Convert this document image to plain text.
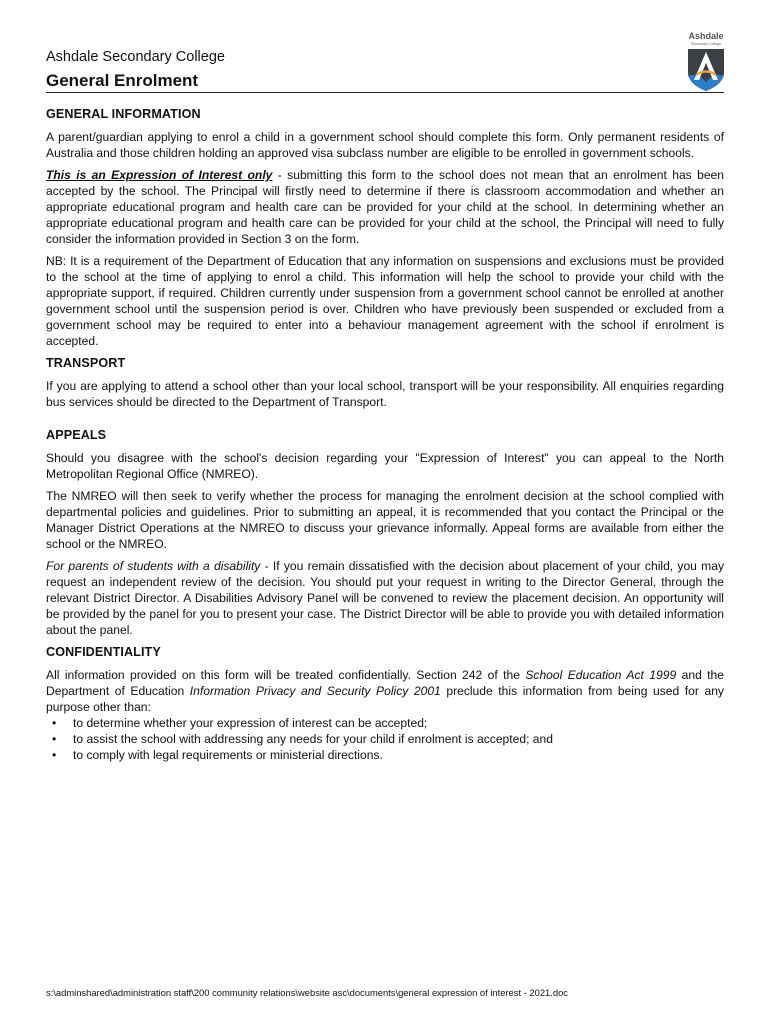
Ashdale Secondary College
General Enrolment
Ashdale
Secondary College
GENERAL INFORMATION

A parent/guardian applying to enrol a child in a government school should complete this form. Only permanent residents of Australia and those children holding an approved visa subclass number are eligible to be enrolled in government schools.

This is an Expression of Interest only - submitting this form to the school does not mean that an enrolment has been accepted by the school. The Principal will firstly need to determine if there is classroom accommodation and whether an appropriate educational program and health care can be provided for your child at the school. In determining whether an appropriate educational program and health care can be provided for your child at the school, the Principal will need to fully consider the information provided in Section 3 on the form.

NB: It is a requirement of the Department of Education that any information on suspensions and exclusions must be provided to the school at the time of applying to enrol a child. This information will help the school to provide your child with the appropriate support, if required. Children currently under suspension from a government school cannot be enrolled at another government school until the suspension period is over. Children who have previously been suspended or excluded from a government school may be required to enter into a behaviour management agreement with the school if enrolment is accepted.

TRANSPORT

If you are applying to attend a school other than your local school, transport will be your responsibility. All enquiries regarding bus services should be directed to the Department of Transport.

APPEALS

Should you disagree with the school's decision regarding your "Expression of Interest" you can appeal to the North Metropolitan Regional Office (NMREO).

The NMREO will then seek to verify whether the process for managing the enrolment decision at the school complied with departmental policies and guidelines. Prior to submitting an appeal, it is recommended that you contact the Principal or the Manager District Operations at the NMREO to discuss your grievance informally. Appeal forms are available from either the school or the NMREO.

For parents of students with a disability - If you remain dissatisfied with the decision about placement of your child, you may request an independent review of the decision. You should put your request in writing to the Director General, through the relevant District Director. A Disabilities Advisory Panel will be convened to review the placement decision. An opportunity will be provided by the panel for you to present your case. The District Director will be able to provide you with detailed information about the panel.

CONFIDENTIALITY

All information provided on this form will be treated confidentially. Section 242 of the School Education Act 1999 and the Department of Education Information Privacy and Security Policy 2001 preclude this information from being used for any purpose other than:

• to determine whether your expression of interest can be accepted;
• to assist the school with addressing any needs for your child if enrolment is accepted; and
• to comply with legal requirements or ministerial directions.
s:\adminshared\administration staff\200 community relations\website asc\documents\general expression of interest - 2021.doc
